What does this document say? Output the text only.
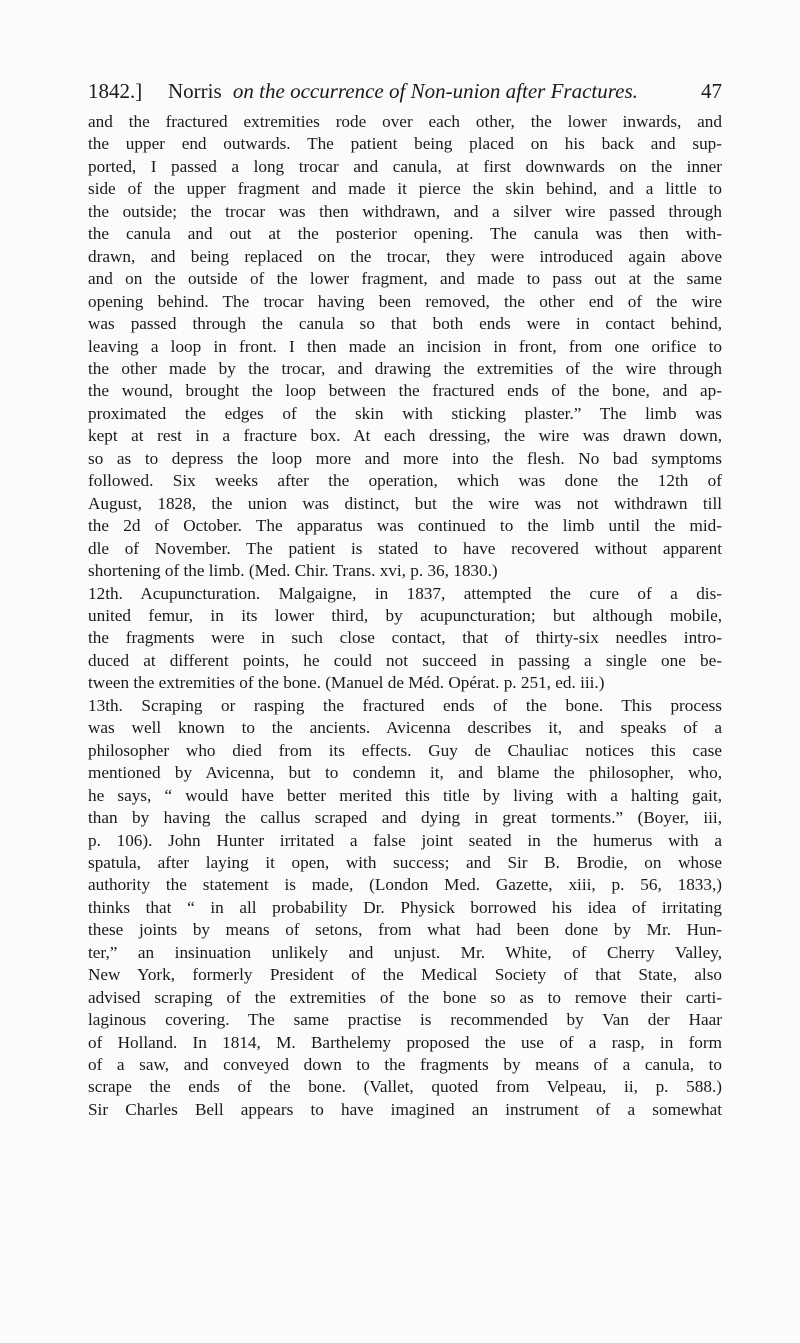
1842.] Norris on the occurrence of Non-union after Fractures.	47
and the fractured extremities rode over each other, the lower inwards, and
the upper end outwards. The patient being placed on his back and sup-
ported, I passed a long trocar and canula, at first downwards on the inner
side of the upper fragment and made it pierce the skin behind, and a little to
the outside; the trocar was then withdrawn, and a silver wire passed through
the canula and out at the posterior opening. The canula was then with-
drawn, and being replaced on the trocar, they were introduced again above
and on the outside of the lower fragment, and made to pass out at the same
opening behind. The trocar having been removed, the other end of the wire
was passed through the canula so that both ends were in contact behind,
leaving a loop in front. I then made an incision in front, from one orifice to
the other made by the trocar, and drawing the extremities of the wire through
the wound, brought the loop between the fractured ends of the bone, and ap-
proximated the edges of the skin with sticking plaster.” The limb was
kept at rest in a fracture box. At each dressing, the wire was drawn down,
so as to depress the loop more and more into the flesh. No bad symptoms
followed. Six weeks after the operation, which was done the 12th of
August, 1828, the union was distinct, but the wire was not withdrawn till
the 2d of October. The apparatus was continued to the limb until the mid-
dle of November. The patient is stated to have recovered without apparent
shortening of the limb. (Med. Chir. Trans. xvi, p. 36, 1830.)
12th. Acupuncturation. Malgaigne, in 1837, attempted the cure of a dis-
united femur, in its lower third, by acupuncturation; but although mobile,
the fragments were in such close contact, that of thirty-six needles intro-
duced at different points, he could not succeed in passing a single one be-
tween the extremities of the bone. (Manuel de Méd. Opérat. p. 251, ed. iii.)
13th. Scraping or rasping the fractured ends of the bone. This process
was well known to the ancients. Avicenna describes it, and speaks of a
philosopher who died from its effects. Guy de Chauliac notices this case
mentioned by Avicenna, but to condemn it, and blame the philosopher, who,
he says, “ would have better merited this title by living with a halting gait,
than by having the callus scraped and dying in great torments.” (Boyer, iii,
p. 106). John Hunter irritated a false joint seated in the humerus with a
spatula, after laying it open, with success; and Sir B. Brodie, on whose
authority the statement is made, (London Med. Gazette, xiii, p. 56, 1833,)
thinks that “ in all probability Dr. Physick borrowed his idea of irritating
these joints by means of setons, from what had been done by Mr. Hun-
ter,” an insinuation unlikely and unjust. Mr. White, of Cherry Valley,
New York, formerly President of the Medical Society of that State, also
advised scraping of the extremities of the bone so as to remove their carti-
laginous covering. The same practise is recommended by Van der Haar
of Holland. In 1814, M. Barthelemy proposed the use of a rasp, in form
of a saw, and conveyed down to the fragments by means of a canula, to
scrape the ends of the bone. (Vallet, quoted from Velpeau, ii, p. 588.)
Sir Charles Bell appears to have imagined an instrument of a somewhat
